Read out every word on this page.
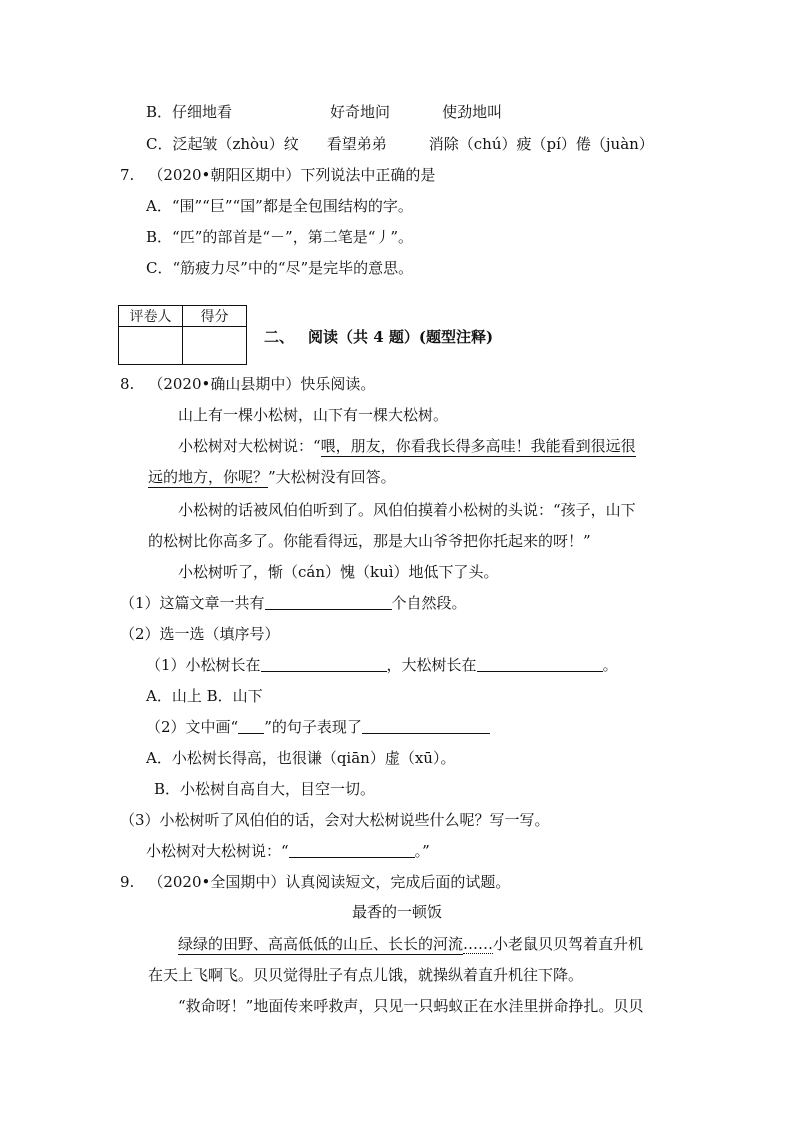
B．仔细地看	好奇地问	使劲地叫
C．泛起皱（zhòu）纹 看望弟弟	消除（chú）疲（pí）倦（juàn）
7. （2020•朝阳区期中）下列说法中正确的是
A．“围”“巨”“国”都是全包围结构的字。
B．“匹”的部首是“－”，第二笔是“丿”。
C．“筋疲力尽”中的“尽”是完毕的意思。
评卷人	得分

二、 阅读（共 4 题）(题型注释)
8. （2020•确山县期中）快乐阅读。
山上有一棵小松树，山下有一棵大松树。
小松树对大松树说：“喂，朋友，你看我长得多高哇！我能看到很远很
远的地方，你呢？”大松树没有回答。
小松树的话被风伯伯听到了。风伯伯摸着小松树的头说：“孩子，山下
的松树比你高多了。你能看得远，那是大山爷爷把你托起来的呀！”
小松树听了，惭（cán）愧（kuì）地低下了头。
（1）这篇文章一共有	个自然段。
（2）选一选（填序号）
（1）小松树长在	，大松树长在	。
A．山上 B．山下
（2）文中画“ ”的句子表现了
A．小松树长得高，也很谦（qiān）虚（xū）。
B．小松树自高自大，目空一切。
（3）小松树听了风伯伯的话，会对大松树说些什么呢？写一写。
小松树对大松树说：“	。”
9. （2020•全国期中）认真阅读短文，完成后面的试题。
最香的一顿饭
绿绿的田野、高高低低的山丘、长长的河流……小老鼠贝贝驾着直升机
在天上飞啊飞。贝贝觉得肚子有点儿饿，就操纵着直升机往下降。
“救命呀！”地面传来呼救声，只见一只蚂蚁正在水洼里拼命挣扎。贝贝
